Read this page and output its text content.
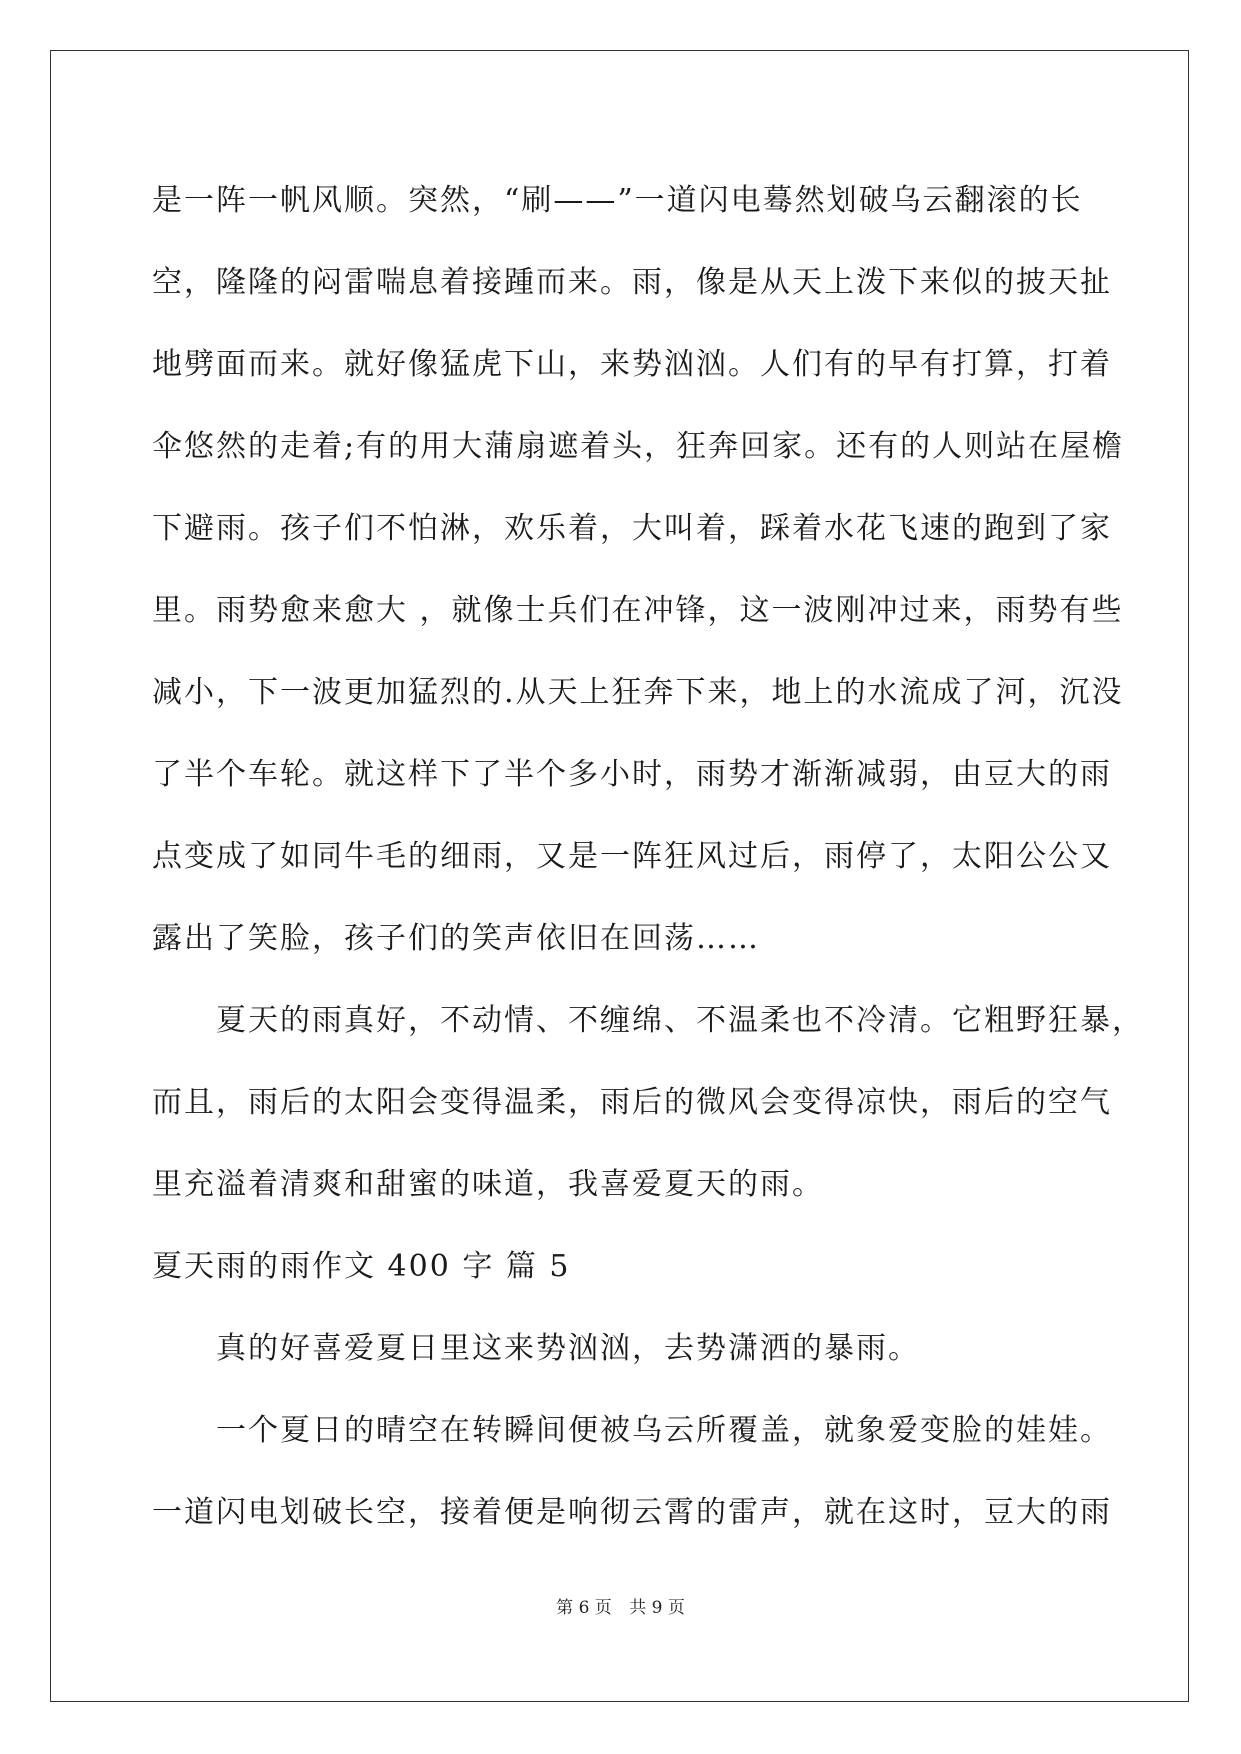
是一阵一帆风顺。突然，“刷——”一道闪电蓦然划破乌云翻滚的长
空，隆隆的闷雷喘息着接踵而来。雨，像是从天上泼下来似的披天扯
地劈面而来。就好像猛虎下山，来势汹汹。人们有的早有打算，打着
伞悠然的走着;有的用大蒲扇遮着头，狂奔回家。还有的人则站在屋檐
下避雨。孩子们不怕淋，欢乐着，大叫着，踩着水花飞速的跑到了家
里。雨势愈来愈大 ，就像士兵们在冲锋，这一波刚冲过来，雨势有些
减小，下一波更加猛烈的.从天上狂奔下来，地上的水流成了河，沉没
了半个车轮。就这样下了半个多小时，雨势才渐渐减弱，由豆大的雨
点变成了如同牛毛的细雨，又是一阵狂风过后，雨停了，太阳公公又
露出了笑脸，孩子们的笑声依旧在回荡……
夏天的雨真好，不动情、不缠绵、不温柔也不冷清。它粗野狂暴，
而且，雨后的太阳会变得温柔，雨后的微风会变得凉快，雨后的空气
里充溢着清爽和甜蜜的味道，我喜爱夏天的雨。
夏天雨的雨作文 400 字 篇 5
真的好喜爱夏日里这来势汹汹，去势潇洒的暴雨。
一个夏日的晴空在转瞬间便被乌云所覆盖，就象爱变脸的娃娃。
一道闪电划破长空，接着便是响彻云霄的雷声，就在这时，豆大的雨
第 6 页 共 9 页
